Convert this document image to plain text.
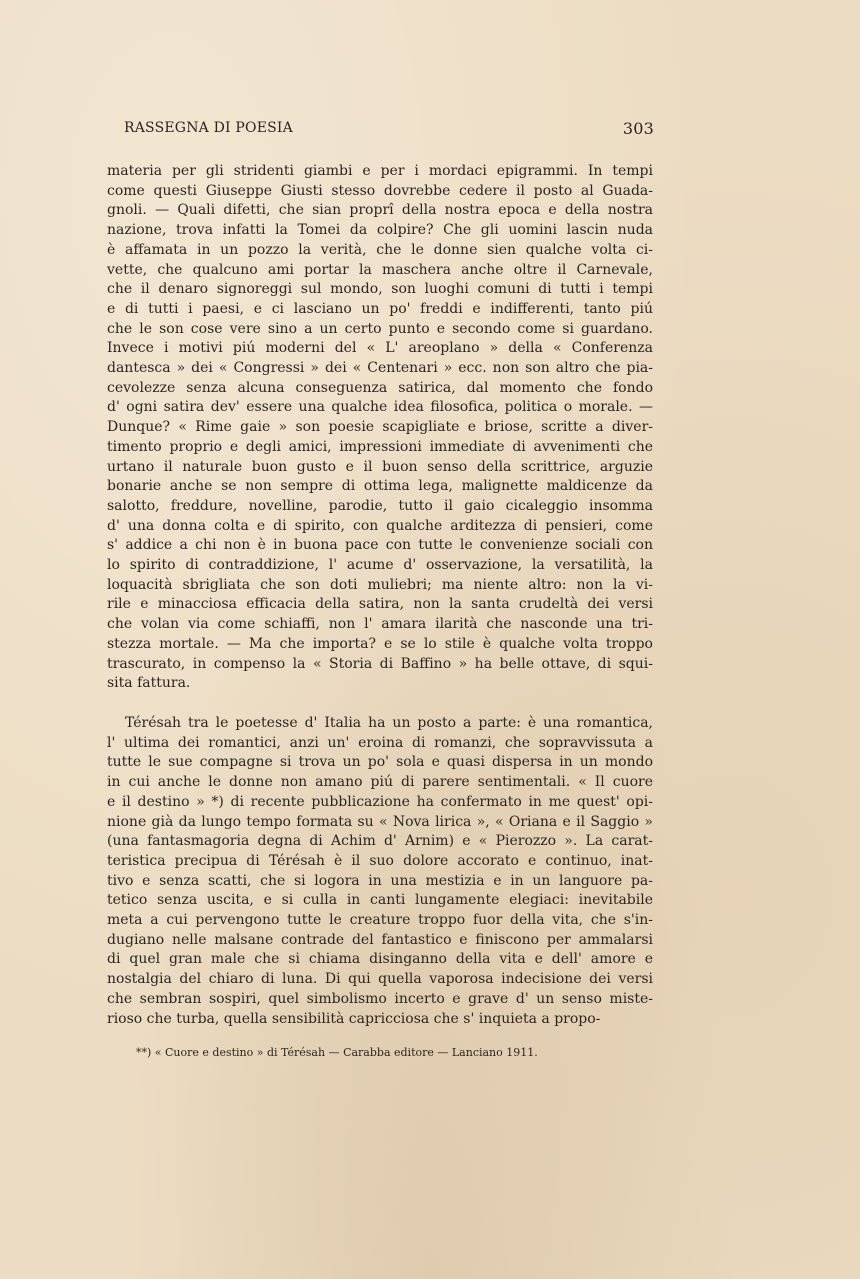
RASSEGNA DI POESIA	303
materia per gli stridenti giambi e per i mordaci epigrammi. In tempi
come questi Giuseppe Giusti stesso dovrebbe cedere il posto al Guada-
gnoli. — Quali difetti, che sian proprî della nostra epoca e della nostra
nazione, trova infatti la Tomei da colpire? Che gli uomini lascin nuda
è affamata in un pozzo la verità, che le donne sien qualche volta ci-
vette, che qualcuno ami portar la maschera anche oltre il Carnevale,
che il denaro signoreggi sul mondo, son luoghi comuni di tutti i tempi
e di tutti i paesi, e ci lasciano un po' freddi e indifferenti, tanto piú
che le son cose vere sino a un certo punto e secondo come si guardano.
Invece i motivi piú moderni del « L' areoplano » della « Conferenza
dantesca » dei « Congressi » dei « Centenari » ecc. non son altro che pia-
cevolezze senza alcuna conseguenza satirica, dal momento che fondo
d' ogni satira dev' essere una qualche idea filosofica, politica o morale. —
Dunque? « Rime gaie » son poesie scapigliate e briose, scritte a diver-
timento proprio e degli amici, impressioni immediate di avvenimenti che
urtano il naturale buon gusto e il buon senso della scrittrice, arguzie
bonarie anche se non sempre di ottima lega, malignette maldicenze da
salotto, freddure, novelline, parodie, tutto il gaio cicaleggio insomma
d' una donna colta e di spirito, con qualche arditezza di pensieri, come
s' addice a chi non è in buona pace con tutte le convenienze sociali con
lo spirito di contraddizione, l' acume d' osservazione, la versatilità, la
loquacità sbrigliata che son doti muliebri; ma niente altro: non la vi-
rile e minacciosa efficacia della satira, non la santa crudeltà dei versi
che volan via come schiaffi, non l' amara ilarità che nasconde una tri-
stezza mortale. — Ma che importa? e se lo stile è qualche volta troppo
trascurato, in compenso la « Storia di Baffino » ha belle ottave, di squi-
sita fattura.
Térésah tra le poetesse d' Italia ha un posto a parte: è una romantica,
l' ultima dei romantici, anzi un' eroina di romanzi, che sopravvissuta a
tutte le sue compagne si trova un po' sola e quasi dispersa in un mondo
in cui anche le donne non amano piú di parere sentimentali. « Il cuore
e il destino » *) di recente pubblicazione ha confermato in me quest' opi-
nione già da lungo tempo formata su « Nova lirica », « Oriana e il Saggio »
(una fantasmagoria degna di Achim d' Arnim) e « Pierozzo ». La carat-
teristica precipua di Térésah è il suo dolore accorato e continuo, inat-
tivo e senza scatti, che si logora in una mestizia e in un languore pa-
tetico senza uscita, e si culla in canti lungamente elegiaci: inevitabile
meta a cui pervengono tutte le creature troppo fuor della vita, che s'in-
dugiano nelle malsane contrade del fantastico e finiscono per ammalarsi
di quel gran male che si chiama disinganno della vita e dell' amore e
nostalgia del chiaro di luna. Di qui quella vaporosa indecisione dei versi
che sembran sospiri, quel simbolismo incerto e grave d' un senso miste-
rioso che turba, quella sensibilità capricciosa che s' inquieta a propo-
**) « Cuore e destino » di Térésah — Carabba editore — Lanciano 1911.
